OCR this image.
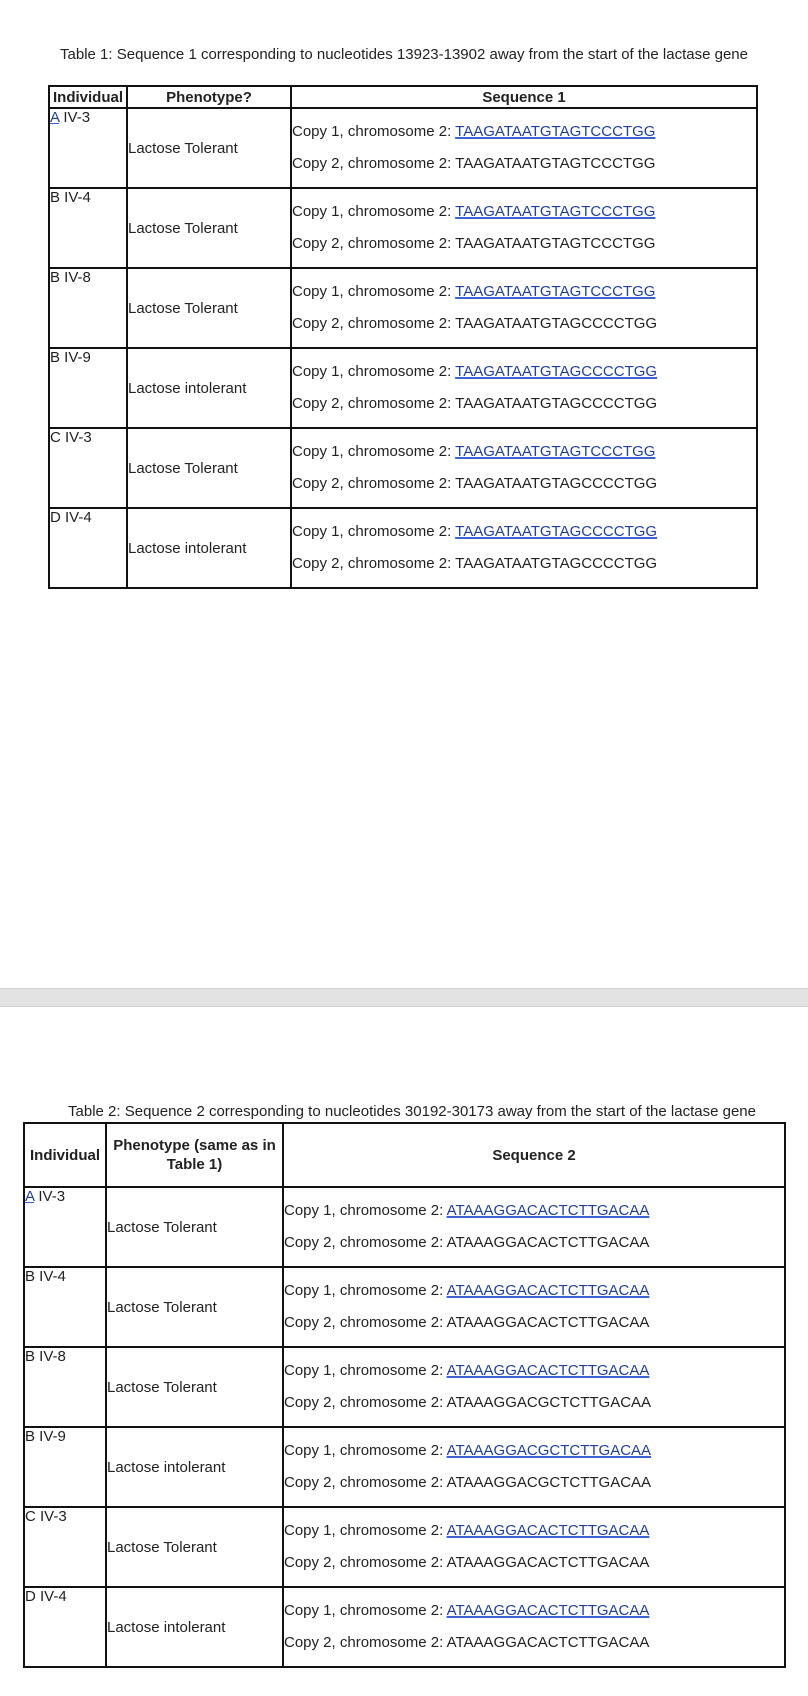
Table 1: Sequence 1 corresponding to nucleotides 13923-13902 away from the start of the lactase gene
Individual	Phenotype?	Sequence 1
A IV-3	Lactose Tolerant	Copy 1, chromosome 2: TAAGATAATGTAGTCCCTGG
Copy 2, chromosome 2: TAAGATAATGTAGTCCCTGG

B IV-4	Lactose Tolerant	Copy 1, chromosome 2: TAAGATAATGTAGTCCCTGG
Copy 2, chromosome 2: TAAGATAATGTAGTCCCTGG

B IV-8	Lactose Tolerant	Copy 1, chromosome 2: TAAGATAATGTAGTCCCTGG
Copy 2, chromosome 2: TAAGATAATGTAGCCCCTGG

B IV-9	Lactose intolerant	Copy 1, chromosome 2: TAAGATAATGTAGCCCCTGG
Copy 2, chromosome 2: TAAGATAATGTAGCCCCTGG

C IV-3	Lactose Tolerant	Copy 1, chromosome 2: TAAGATAATGTAGTCCCTGG
Copy 2, chromosome 2: TAAGATAATGTAGCCCCTGG

D IV-4	Lactose intolerant	Copy 1, chromosome 2: TAAGATAATGTAGCCCCTGG
Copy 2, chromosome 2: TAAGATAATGTAGCCCCTGG
Table 2: Sequence 2 corresponding to nucleotides 30192-30173 away from the start of the lactase gene
Individual	Phenotype (same as in Table 1)	Sequence 2
A IV-3	Lactose Tolerant	Copy 1, chromosome 2: ATAAAGGACACTCTTGACAA
Copy 2, chromosome 2: ATAAAGGACACTCTTGACAA

B IV-4	Lactose Tolerant	Copy 1, chromosome 2: ATAAAGGACACTCTTGACAA
Copy 2, chromosome 2: ATAAAGGACACTCTTGACAA

B IV-8	Lactose Tolerant	Copy 1, chromosome 2: ATAAAGGACACTCTTGACAA
Copy 2, chromosome 2: ATAAAGGACGCTCTTGACAA

B IV-9	Lactose intolerant	Copy 1, chromosome 2: ATAAAGGACGCTCTTGACAA
Copy 2, chromosome 2: ATAAAGGACGCTCTTGACAA

C IV-3	Lactose Tolerant	Copy 1, chromosome 2: ATAAAGGACACTCTTGACAA
Copy 2, chromosome 2: ATAAAGGACACTCTTGACAA

D IV-4	Lactose intolerant	Copy 1, chromosome 2: ATAAAGGACACTCTTGACAA
Copy 2, chromosome 2: ATAAAGGACACTCTTGACAA
